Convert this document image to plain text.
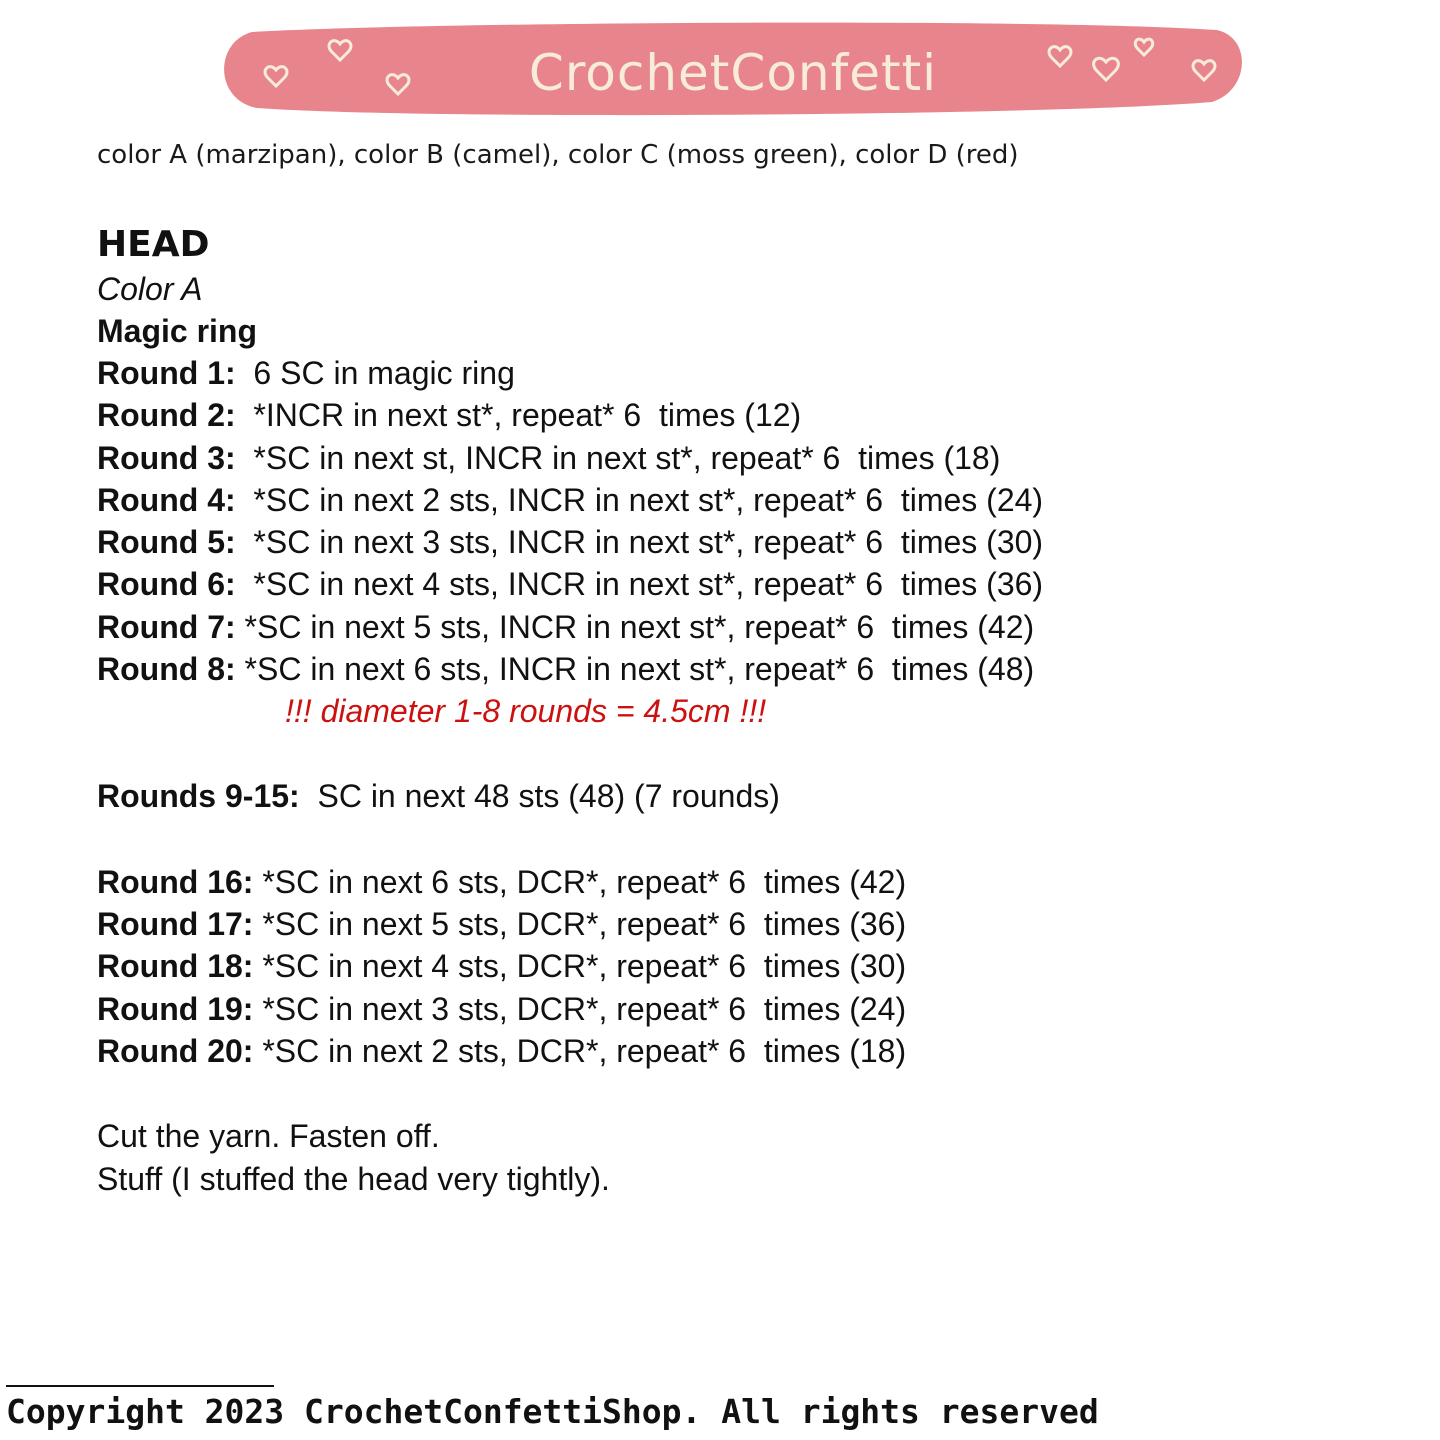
CrochetConfetti
color A (marzipan), color B (camel), color C (moss green), color D (red)
HEAD

Color A

Magic ring

Round 1:  6 SC in magic ring

Round 2:  *INCR in next st*, repeat* 6  times (12)

Round 3:  *SC in next st, INCR in next st*, repeat* 6  times (18)

Round 4:  *SC in next 2 sts, INCR in next st*, repeat* 6  times (24)

Round 5:  *SC in next 3 sts, INCR in next st*, repeat* 6  times (30)

Round 6:  *SC in next 4 sts, INCR in next st*, repeat* 6  times (36)

Round 7: *SC in next 5 sts, INCR in next st*, repeat* 6  times (42)

Round 8: *SC in next 6 sts, INCR in next st*, repeat* 6  times (48)

!!! diameter 1-8 rounds = 4.5cm !!!

Rounds 9-15:  SC in next 48 sts (48) (7 rounds)

Round 16: *SC in next 6 sts, DCR*, repeat* 6  times (42)

Round 17: *SC in next 5 sts, DCR*, repeat* 6  times (36)

Round 18: *SC in next 4 sts, DCR*, repeat* 6  times (30)

Round 19: *SC in next 3 sts, DCR*, repeat* 6  times (24)

Round 20: *SC in next 2 sts, DCR*, repeat* 6  times (18)

Cut the yarn. Fasten off.

Stuff (I stuffed the head very tightly).

Copyright 2023 CrochetConfettiShop. All rights reserved
